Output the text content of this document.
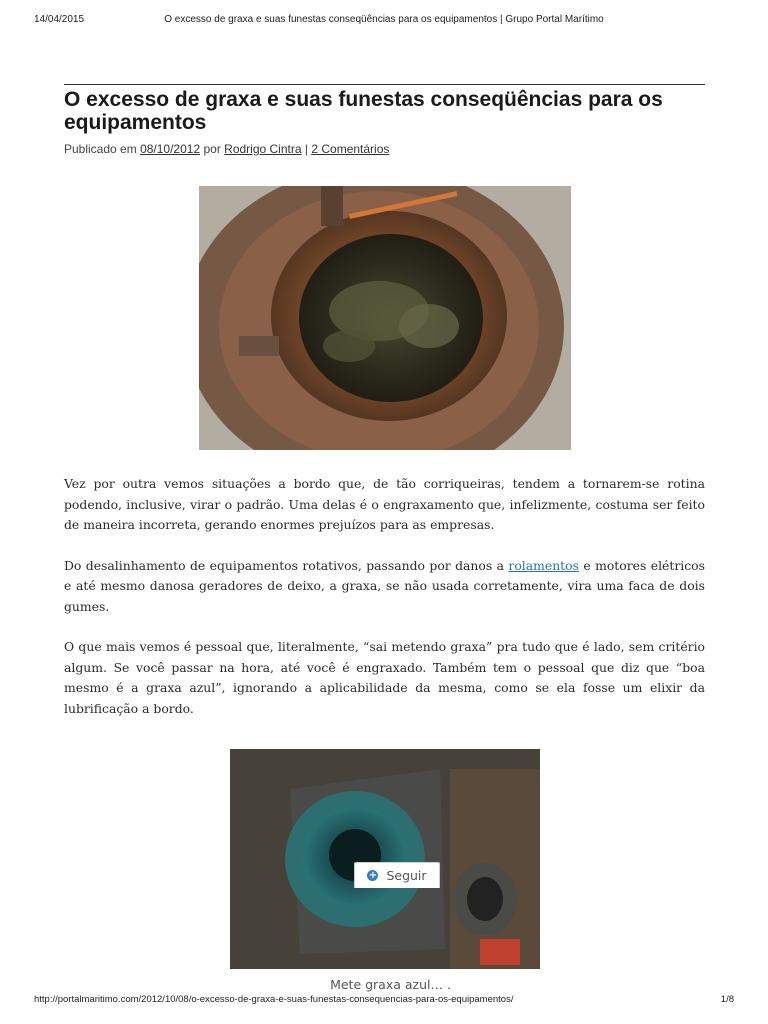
14/04/2015	O excesso de graxa e suas funestas conseqüências para os equipamentos | Grupo Portal Marítimo
O excesso de graxa e suas funestas conseqüências para os equipamentos
Publicado em 08/10/2012 por Rodrigo Cintra | 2 Comentários

Vez por outra vemos situações a bordo que, de tão corriqueiras, tendem a tornarem-se rotina podendo, inclusive, virar o padrão. Uma delas é o engraxamento que, infelizmente, costuma ser feito de maneira incorreta, gerando enormes prejuízos para as empresas.

Do desalinhamento de equipamentos rotativos, passando por danos a rolamentos e motores elétricos e até mesmo danosa geradores de deixo, a graxa, se não usada corretamente, vira uma faca de dois gumes.

O que mais vemos é pessoal que, literalmente, “sai metendo graxa” pra tudo que é lado, sem critério algum. Se você passar na hora, até você é engraxado. Também tem o pessoal que diz que “boa mesmo é a graxa azul”, ignorando a aplicabilidade da mesma, como se ela fosse um elixir da lubrificação a bordo.

Mete graxa azul… .
+ Seguir
http://portalmaritimo.com/2012/10/08/o-excesso-de-graxa-e-suas-funestas-consequencias-para-os-equipamentos/	1/8
